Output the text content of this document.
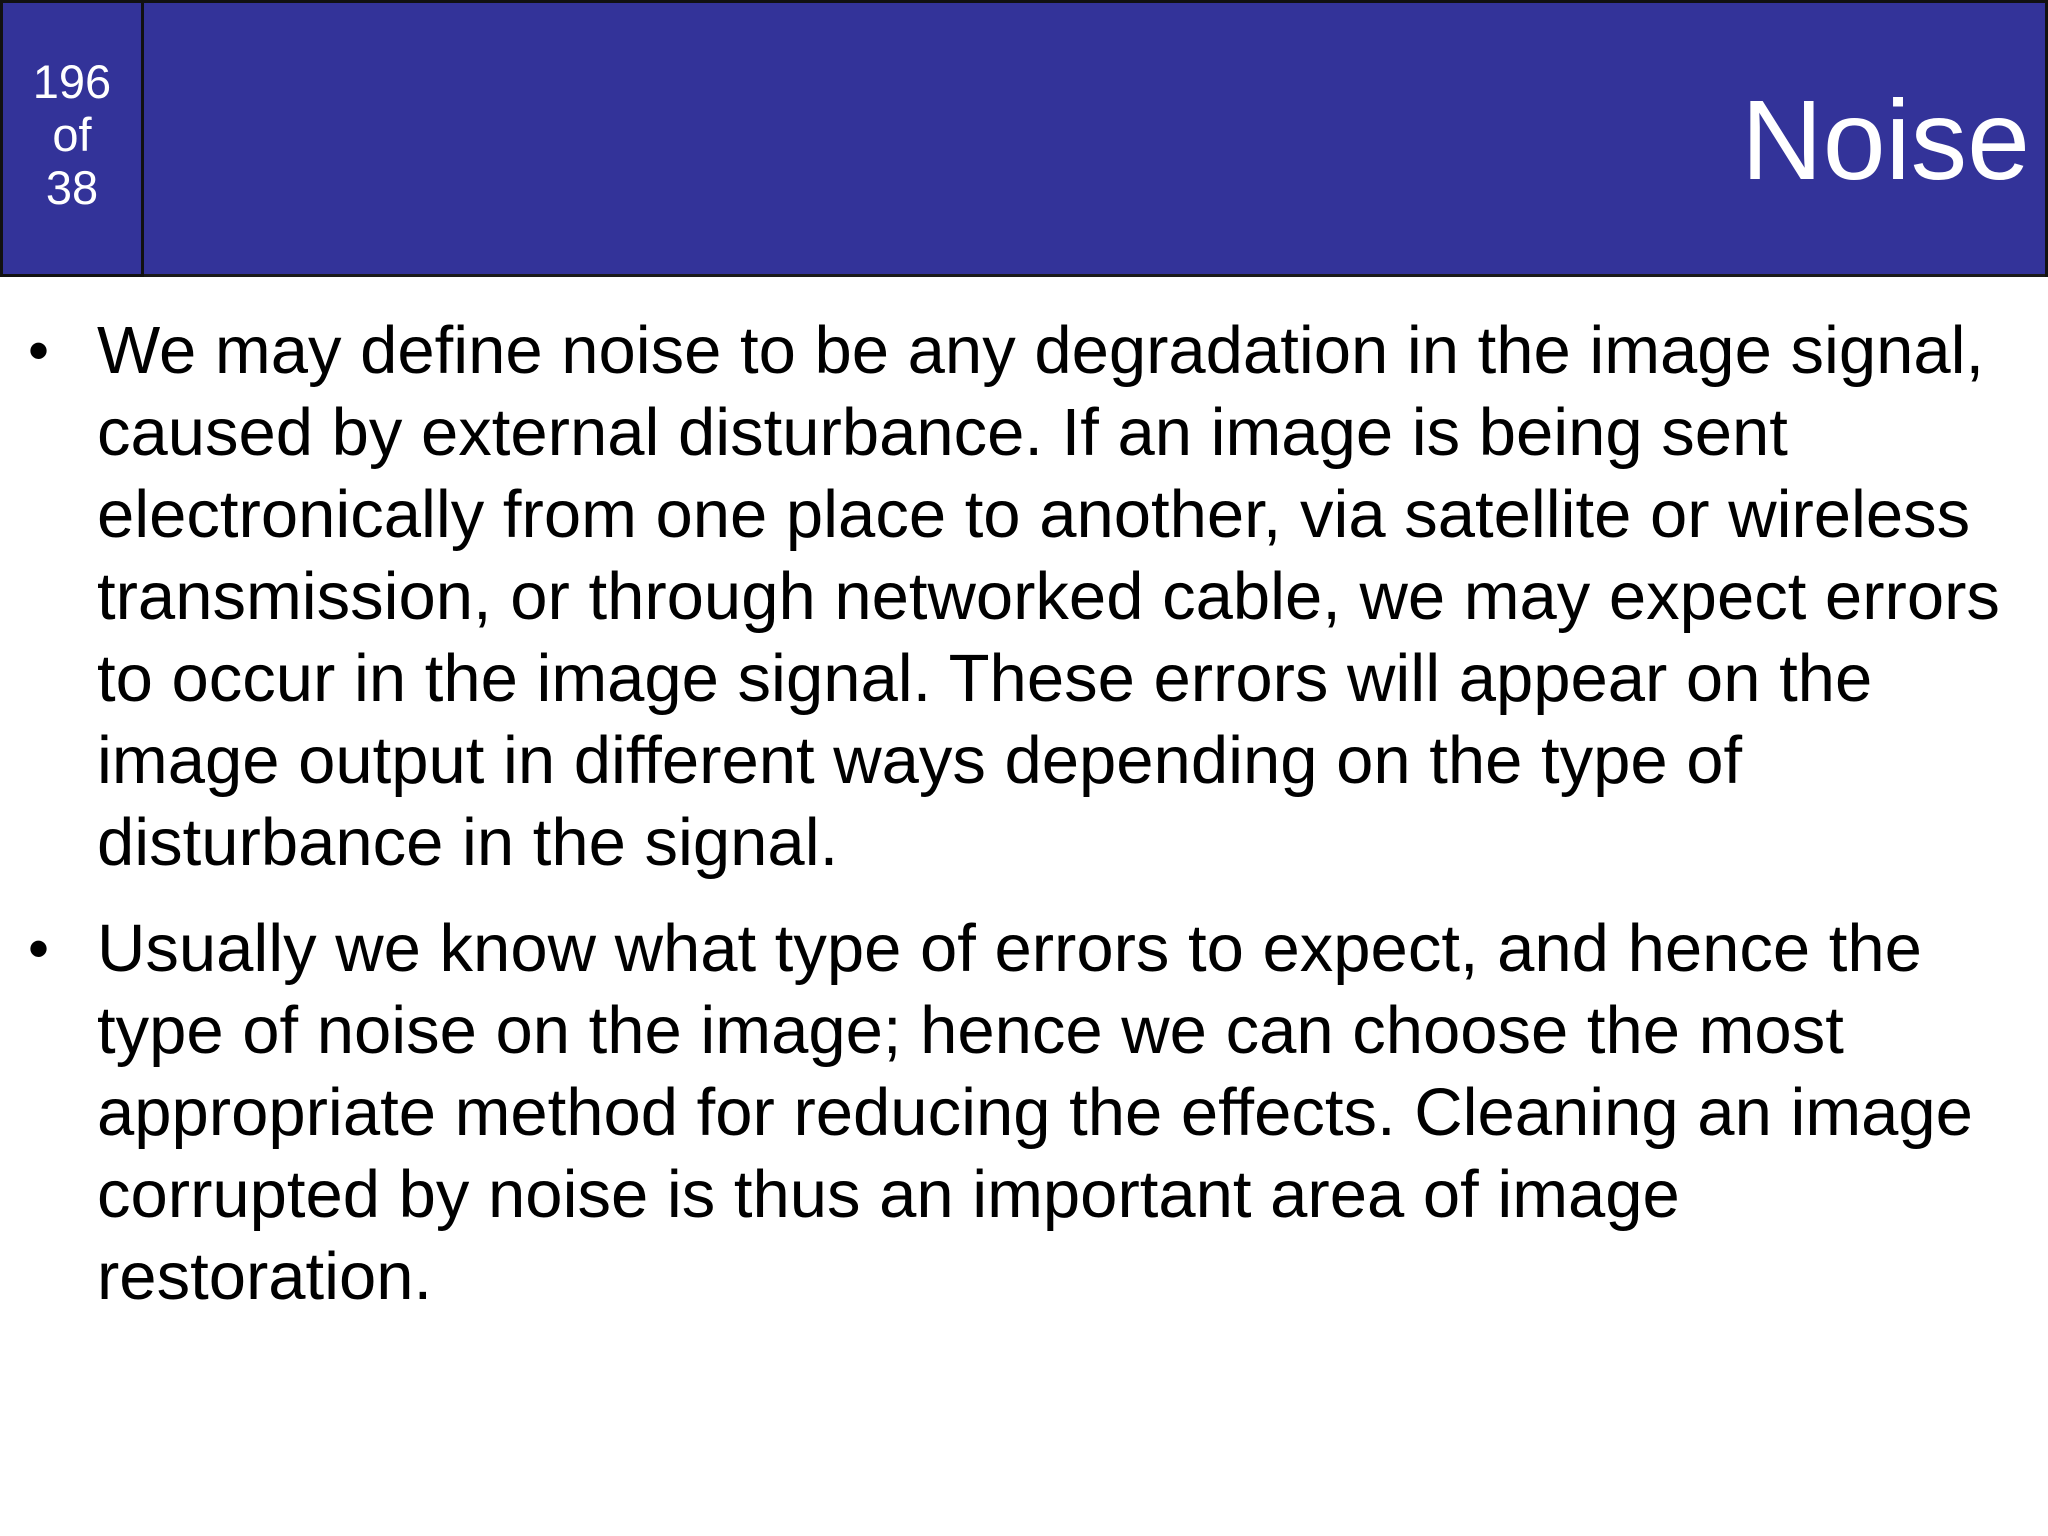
196
of
38	Noise
• We may define noise to be any degradation in the image signal, caused by external disturbance. If an image is being sent electronically from one place to another, via satellite or wireless transmission, or through networked cable, we may expect errors to occur in the image signal. These errors will appear on the image output in different ways depending on the type of disturbance in the signal.
• Usually we know what type of errors to expect, and hence the type of noise on the image; hence we can choose the most appropriate method for reducing the effects. Cleaning an image corrupted by noise is thus an important area of image restoration.
